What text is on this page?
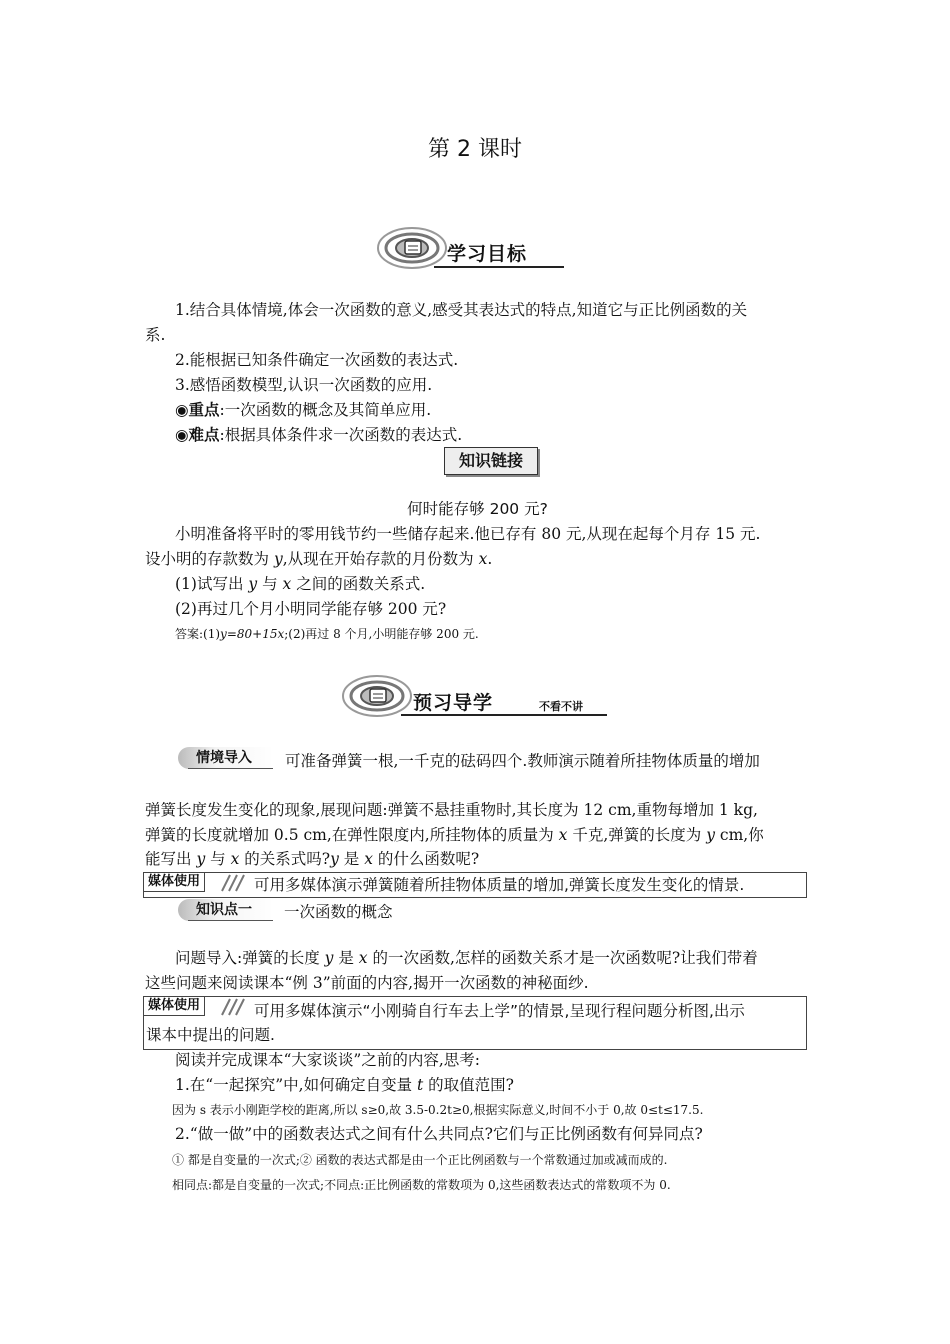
第 2 课时
学习目标
1.结合具体情境,体会一次函数的意义,感受其表达式的特点,知道它与正比例函数的关
系.
2.能根据已知条件确定一次函数的表达式.
3.感悟函数模型,认识一次函数的应用.
◉重点:一次函数的概念及其简单应用.
◉难点:根据具体条件求一次函数的表达式.
知识链接
何时能存够 200 元?
小明准备将平时的零用钱节约一些储存起来.他已存有 80 元,从现在起每个月存 15 元.
设小明的存款数为 y,从现在开始存款的月份数为 x.
(1)试写出 y 与 x 之间的函数关系式.
(2)再过几个月小明同学能存够 200 元?
答案:(1)y=80+15x;(2)再过 8 个月,小明能存够 200 元.
预习导学	不看不讲
情境导入 可准备弹簧一根,一千克的砝码四个.教师演示随着所挂物体质量的增加
弹簧长度发生变化的现象,展现问题:弹簧不悬挂重物时,其长度为 12 cm,重物每增加 1 kg,
弹簧的长度就增加 0.5 cm,在弹性限度内,所挂物体的质量为 x 千克,弹簧的长度为 y cm,你
能写出 y 与 x 的关系式吗?y 是 x 的什么函数呢?
媒体使用	可用多媒体演示弹簧随着所挂物体质量的增加,弹簧长度发生变化的情景.
知识点一 一次函数的概念
问题导入:弹簧的长度 y 是 x 的一次函数,怎样的函数关系才是一次函数呢?让我们带着
这些问题来阅读课本“例 3”前面的内容,揭开一次函数的神秘面纱.
媒体使用	可用多媒体演示“小刚骑自行车去上学”的情景,呈现行程问题分析图,出示
课本中提出的问题.
阅读并完成课本“大家谈谈”之前的内容,思考:
1.在“一起探究”中,如何确定自变量 t 的取值范围?
因为 s 表示小刚距学校的距离,所以 s≥0,故 3.5-0.2t≥0,根据实际意义,时间不小于 0,故 0≤t≤17.5.
2.“做一做”中的函数表达式之间有什么共同点?它们与正比例函数有何异同点?
① 都是自变量的一次式;② 函数的表达式都是由一个正比例函数与一个常数通过加或减而成的.
相同点:都是自变量的一次式;不同点:正比例函数的常数项为 0,这些函数表达式的常数项不为 0.
